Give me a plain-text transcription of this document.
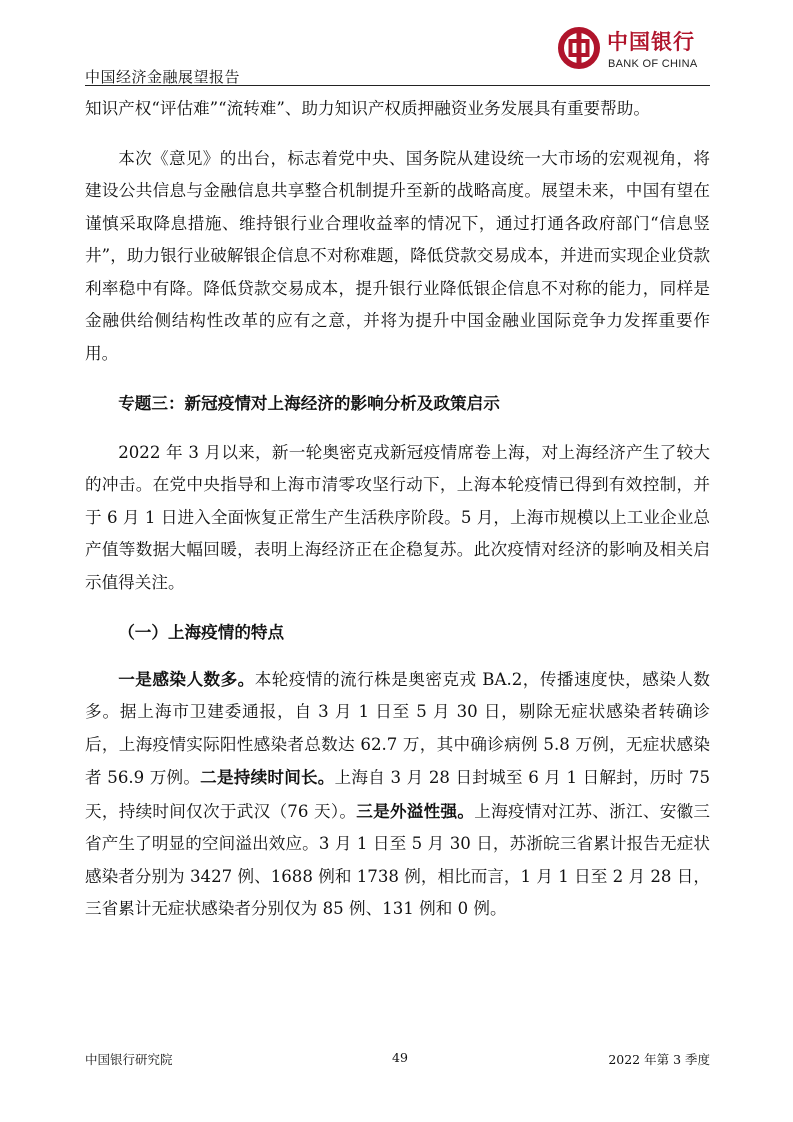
中国经济金融展望报告
中国银行
BANK OF CHINA

知识产权“评估难”“流转难”、助力知识产权质押融资业务发展具有重要帮助。

本次《意见》的出台，标志着党中央、国务院从建设统一大市场的宏观视角，将建设公共信息与金融信息共享整合机制提升至新的战略高度。展望未来，中国有望在谨慎采取降息措施、维持银行业合理收益率的情况下，通过打通各政府部门“信息竖井”，助力银行业破解银企信息不对称难题，降低贷款交易成本，并进而实现企业贷款利率稳中有降。降低贷款交易成本，提升银行业降低银企信息不对称的能力，同样是金融供给侧结构性改革的应有之意，并将为提升中国金融业国际竞争力发挥重要作用。

专题三：新冠疫情对上海经济的影响分析及政策启示

2022 年 3 月以来，新一轮奥密克戎新冠疫情席卷上海，对上海经济产生了较大的冲击。在党中央指导和上海市清零攻坚行动下，上海本轮疫情已得到有效控制，并于 6 月 1 日进入全面恢复正常生产生活秩序阶段。5 月，上海市规模以上工业企业总产值等数据大幅回暖，表明上海经济正在企稳复苏。此次疫情对经济的影响及相关启示值得关注。

（一）上海疫情的特点

一是感染人数多。本轮疫情的流行株是奥密克戎 BA.2，传播速度快，感染人数多。据上海市卫建委通报，自 3 月 1 日至 5 月 30 日，剔除无症状感染者转确诊后，上海疫情实际阳性感染者总数达 62.7 万，其中确诊病例 5.8 万例，无症状感染者 56.9 万例。二是持续时间长。上海自 3 月 28 日封城至 6 月 1 日解封，历时 75 天，持续时间仅次于武汉（76 天）。三是外溢性强。上海疫情对江苏、浙江、安徽三省产生了明显的空间溢出效应。3 月 1 日至 5 月 30 日，苏浙皖三省累计报告无症状感染者分别为 3427 例、1688 例和 1738 例，相比而言，1 月 1 日至 2 月 28 日，三省累计无症状感染者分别仅为 85 例、131 例和 0 例。

中国银行研究院	49	2022 年第 3 季度
